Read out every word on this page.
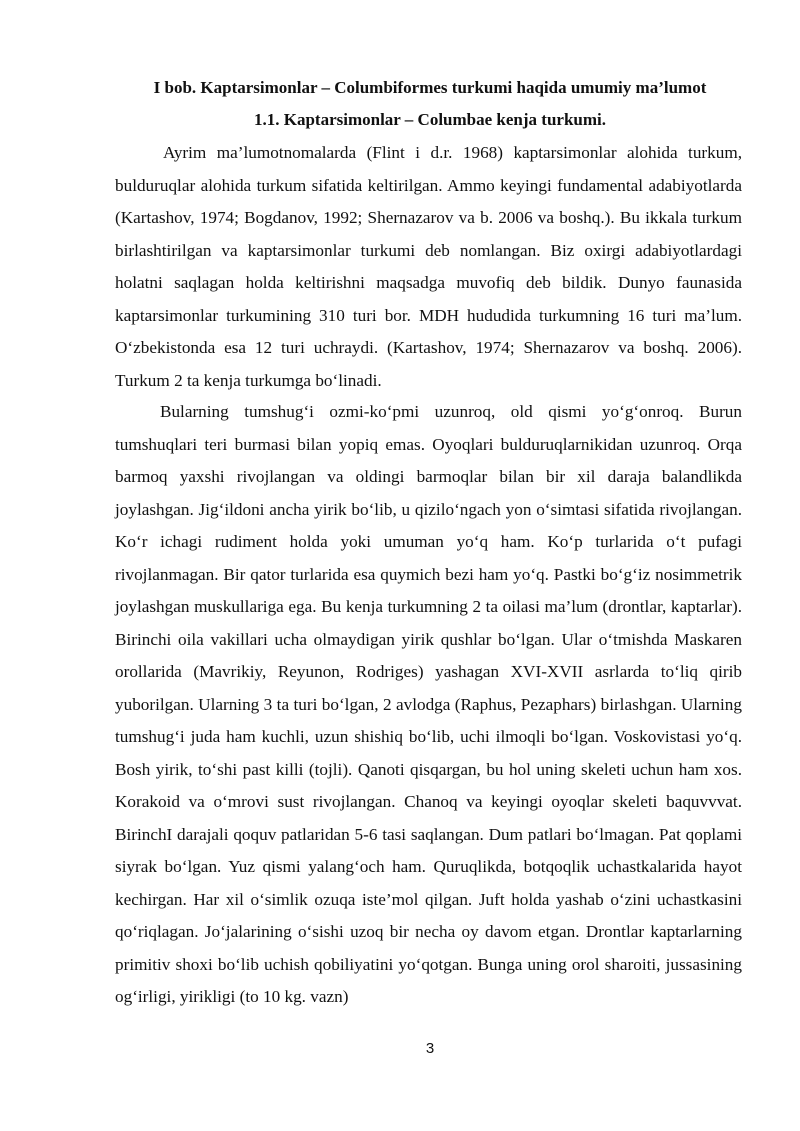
I bob. Kaptarsimonlar – Columbiformes turkumi haqida umumiy ma’lumot
1.1. Kaptarsimonlar – Columbae kenja turkumi.

Ayrim ma’lumotnomalarda (Flint i d.r. 1968) kaptarsimonlar alohida turkum, bulduruqlar alohida turkum sifatida keltirilgan. Ammo keyingi fundamental adabiyotlarda (Kartashov, 1974; Bogdanov, 1992; Shernazarov va b. 2006 va boshq.). Bu ikkala turkum birlashtirilgan va kaptarsimonlar turkumi deb nomlangan. Biz oxirgi adabiyotlardagi holatni saqlagan holda keltirishni maqsadga muvofiq deb bildik. Dunyo faunasida kaptarsimonlar turkumining 310 turi bor. MDH hududida turkumning 16 turi ma’lum. O‘zbekistonda esa 12 turi uchraydi. (Kartashov, 1974; Shernazarov va boshq. 2006). Turkum 2 ta kenja turkumga bo‘linadi.

Bularning tumshug‘i ozmi-ko‘pmi uzunroq, old qismi yo‘g‘onroq. Burun tumshuqlari teri burmasi bilan yopiq emas. Oyoqlari bulduruqlarnikidan uzunroq. Orqa barmoq yaxshi rivojlangan va oldingi barmoqlar bilan bir xil daraja balandlikda joylashgan. Jig‘ildoni ancha yirik bo‘lib, u qizilo‘ngach yon o‘simtasi sifatida rivojlangan. Ko‘r ichagi rudiment holda yoki umuman yo‘q ham. Ko‘p turlarida o‘t pufagi rivojlanmagan. Bir qator turlarida esa quymich bezi ham yo‘q. Pastki bo‘g‘iz nosimmetrik joylashgan muskullariga ega. Bu kenja turkumning 2 ta oilasi ma’lum (drontlar, kaptarlar). Birinchi oila vakillari ucha olmaydigan yirik qushlar bo‘lgan. Ular o‘tmishda Maskaren orollarida (Mavrikiy, Reyunon, Rodriges) yashagan XVI-XVII asrlarda to‘liq qirib yuborilgan. Ularning 3 ta turi bo‘lgan, 2 avlodga (Raphus, Pezaphars) birlashgan. Ularning tumshug‘i juda ham kuchli, uzun shishiq bo‘lib, uchi ilmoqli bo‘lgan. Voskovistasi yo‘q. Bosh yirik, to‘shi past killi (tojli). Qanoti qisqargan, bu hol uning skeleti uchun ham xos. Korakoid va o‘mrovi sust rivojlangan. Chanoq va keyingi oyoqlar skeleti baquvvvat. BirinchI darajali qoquv patlaridan 5-6 tasi saqlangan. Dum patlari bo‘lmagan. Pat qoplami siyrak bo‘lgan. Yuz qismi yalang‘och ham. Quruqlikda, botqoqlik uchastkalarida hayot kechirgan. Har xil o‘simlik ozuqa iste’mol qilgan. Juft holda yashab o‘zini uchastkasini qo‘riqlagan. Jo‘jalarining o‘sishi uzoq bir necha oy davom etgan. Drontlar kaptarlarning primitiv shoxi bo‘lib uchish qobiliyatini yo‘qotgan. Bunga uning orol sharoiti, jussasining og‘irligi, yirikligi (to 10 kg. vazn)

3
